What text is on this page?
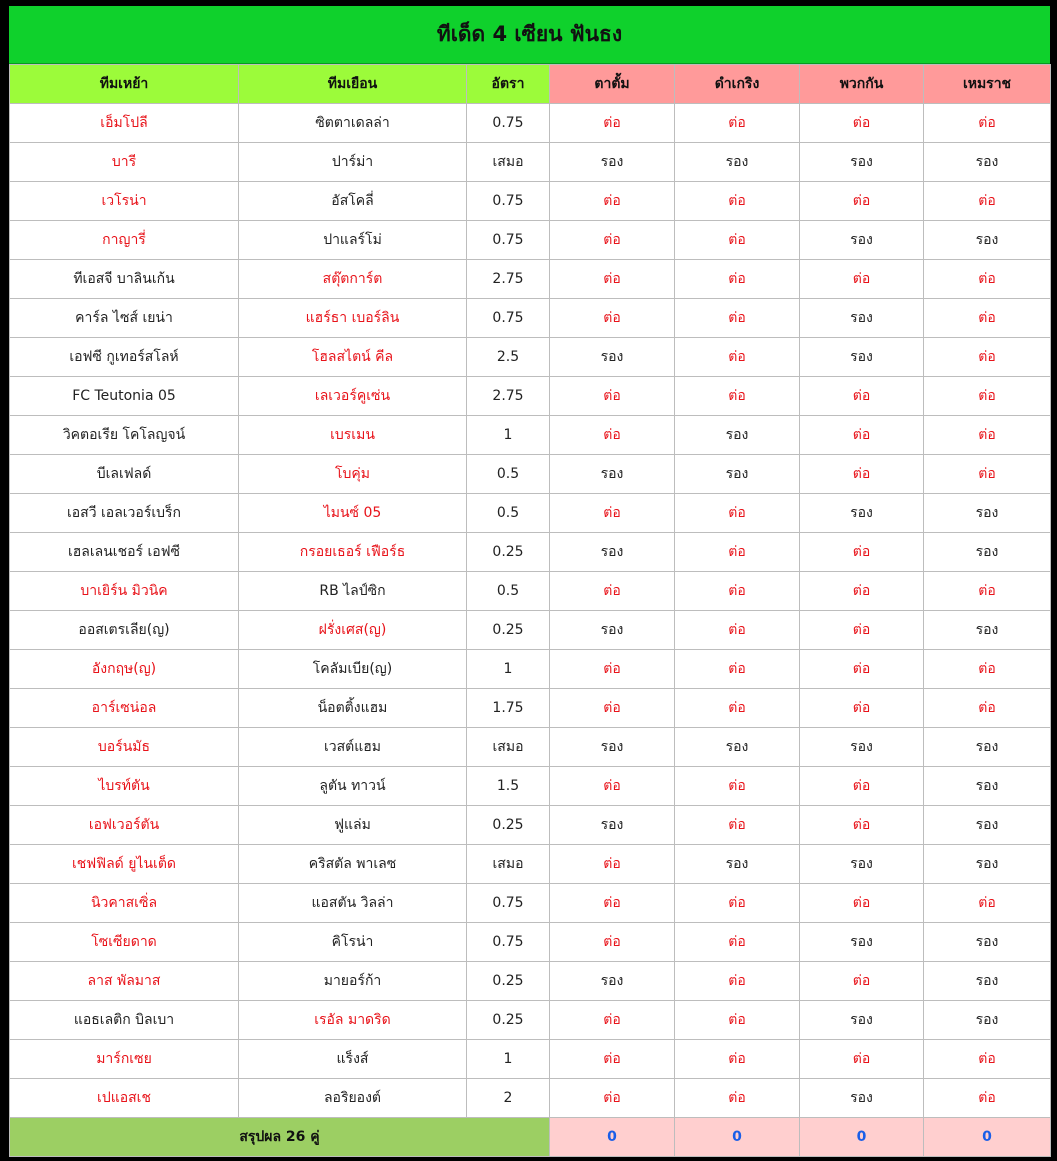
ทีเด็ด 4 เซียน ฟันธง
ทีมเหย้า	ทีมเยือน	อัตรา	ตาตั้ม	ดำเกริง	พวกกัน	เหมราช
เอ็มโปลี	ซิตตาเดลล่า	0.75	ต่อ	ต่อ	ต่อ	ต่อ
บารี	ปาร์ม่า	เสมอ	รอง	รอง	รอง	รอง
เวโรน่า	อัสโคลี่	0.75	ต่อ	ต่อ	ต่อ	ต่อ
กาญารี่	ปาแลร์โม่	0.75	ต่อ	ต่อ	รอง	รอง
ทีเอสจี บาลินเก้น	สตุ๊ตการ์ต	2.75	ต่อ	ต่อ	ต่อ	ต่อ
คาร์ล ไซส์ เยน่า	แฮร์ธา เบอร์ลิน	0.75	ต่อ	ต่อ	รอง	ต่อ
เอฟซี กูเทอร์สโลห์	โฮลสไตน์ คีล	2.5	รอง	ต่อ	รอง	ต่อ
FC Teutonia 05	เลเวอร์คูเซ่น	2.75	ต่อ	ต่อ	ต่อ	ต่อ
วิคตอเรีย โคโลญจน์	เบรเมน	1	ต่อ	รอง	ต่อ	ต่อ
บีเลเฟลด์	โบคุ่ม	0.5	รอง	รอง	ต่อ	ต่อ
เอสวี เอลเวอร์เบร็ก	ไมนซ์ 05	0.5	ต่อ	ต่อ	รอง	รอง
เฮลเลนเชอร์ เอฟซี	กรอยเธอร์ เฟือร์ธ	0.25	รอง	ต่อ	ต่อ	รอง
บาเยิร์น มิวนิค	RB ไลป์ซิก	0.5	ต่อ	ต่อ	ต่อ	ต่อ
ออสเตรเลีย(ญ)	ฝรั่งเศส(ญ)	0.25	รอง	ต่อ	ต่อ	รอง
อังกฤษ(ญ)	โคลัมเบีย(ญ)	1	ต่อ	ต่อ	ต่อ	ต่อ
อาร์เซน่อล	น็อตติ้งแฮม	1.75	ต่อ	ต่อ	ต่อ	ต่อ
บอร์นมัธ	เวสต์แฮม	เสมอ	รอง	รอง	รอง	รอง
ไบรท์ตัน	ลูตัน ทาวน์	1.5	ต่อ	ต่อ	ต่อ	รอง
เอฟเวอร์ตัน	ฟูแล่ม	0.25	รอง	ต่อ	ต่อ	รอง
เชฟฟิลด์ ยูไนเต็ด	คริสตัล พาเลซ	เสมอ	ต่อ	รอง	รอง	รอง
นิวคาสเซิ่ล	แอสตัน วิลล่า	0.75	ต่อ	ต่อ	ต่อ	ต่อ
โซเซียดาด	คิโรน่า	0.75	ต่อ	ต่อ	รอง	รอง
ลาส พัลมาส	มายอร์ก้า	0.25	รอง	ต่อ	ต่อ	รอง
แอธเลติก บิลเบา	เรอัล มาดริด	0.25	ต่อ	ต่อ	รอง	รอง
มาร์กเซย	แร็งส์	1	ต่อ	ต่อ	ต่อ	ต่อ
เปแอสเช	ลอริยองต์	2	ต่อ	ต่อ	รอง	ต่อ
สรุปผล 26 คู่			0	0	0	0
